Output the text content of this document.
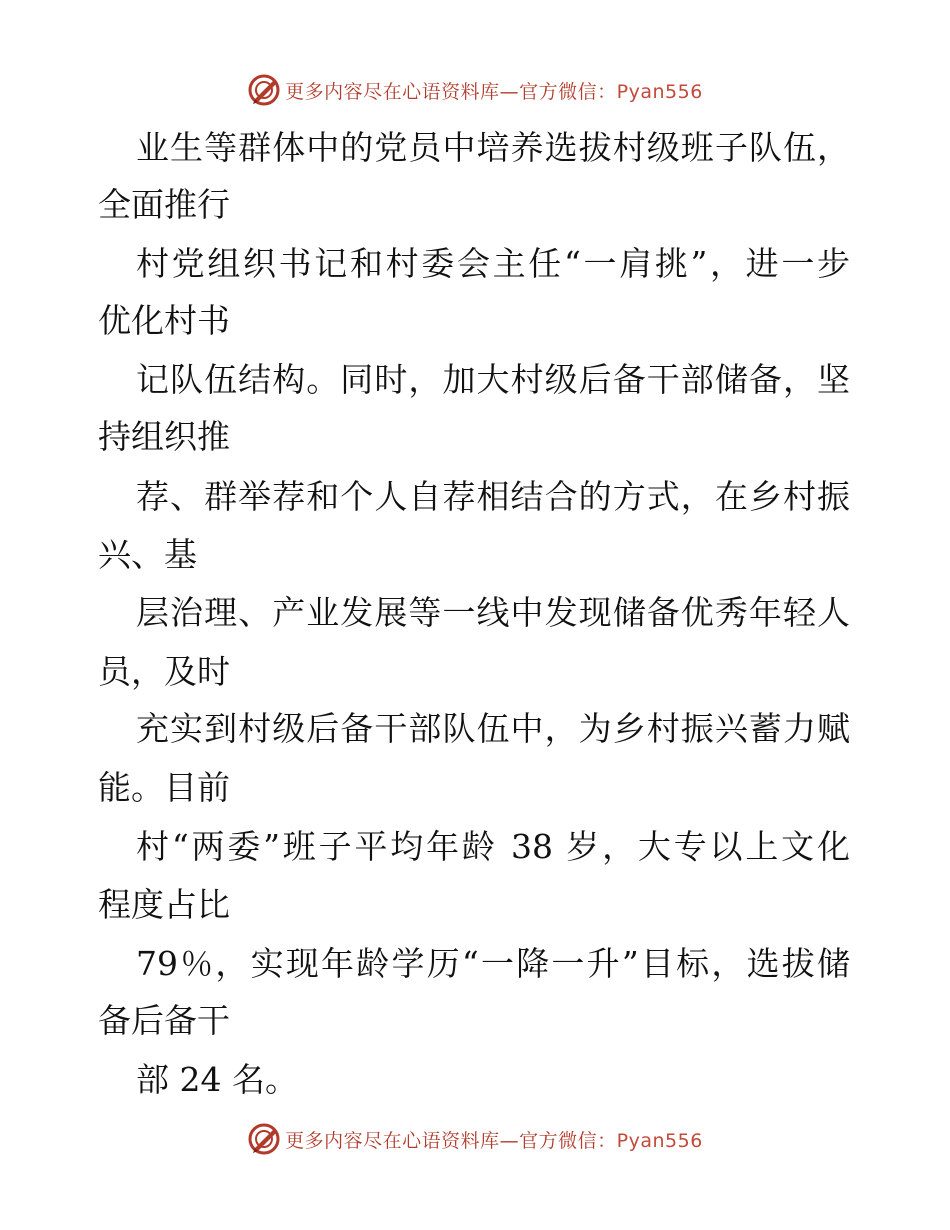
更多内容尽在心语资料库—官方微信：Pyan556
业生等群体中的党员中培养选拔村级班子队伍，
全面推行
村党组织书记和村委会主任“一肩挑”，进一步
优化村书
记队伍结构。同时，加大村级后备干部储备，坚
持组织推
荐、群举荐和个人自荐相结合的方式，在乡村振
兴、基
层治理、产业发展等一线中发现储备优秀年轻人
员，及时
充实到村级后备干部队伍中，为乡村振兴蓄力赋
能。目前
村“两委”班子平均年龄 38 岁，大专以上文化
程度占比
79％，实现年龄学历“一降一升”目标，选拔储
备后备干
部 24 名。
更多内容尽在心语资料库—官方微信：Pyan556
